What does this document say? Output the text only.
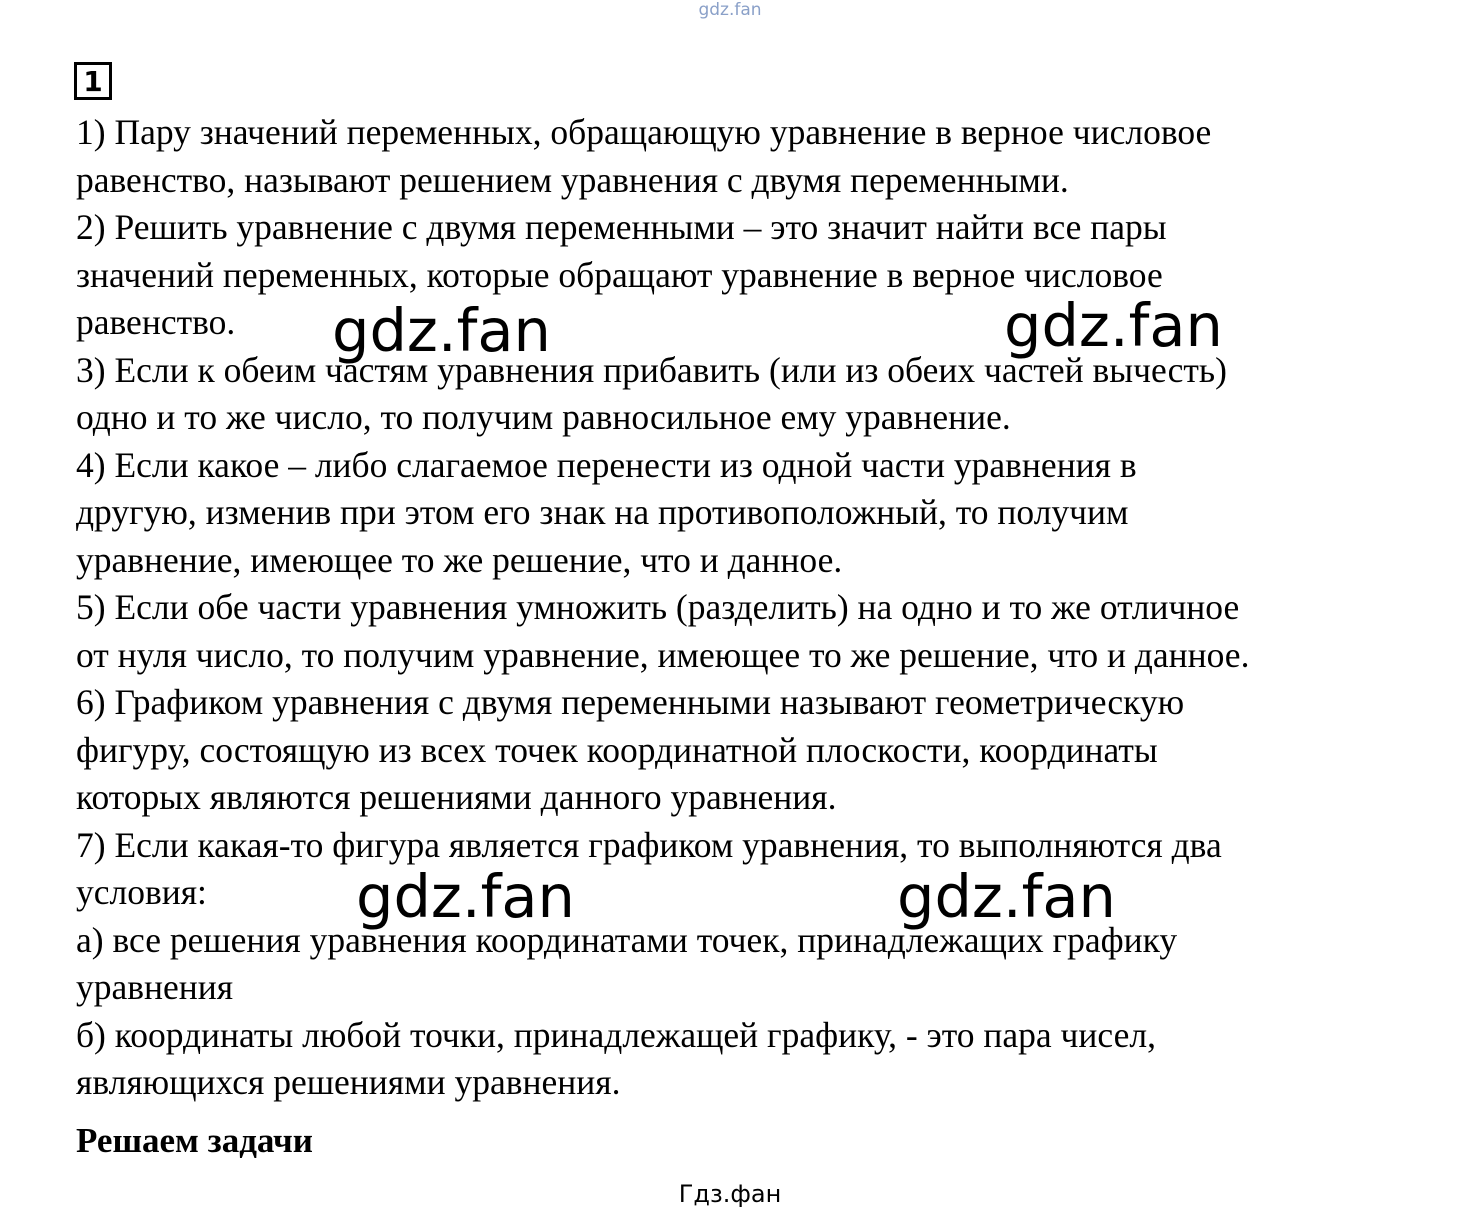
gdz.fan
1
1) Пару значений переменных, обращающую уравнение в верное числовое
равенство, называют решением уравнения с двумя переменными.
2) Решить уравнение с двумя переменными – это значит найти все пары
значений переменных, которые обращают уравнение в верное числовое
равенство.
3) Если к обеим частям уравнения прибавить (или из обеих частей вычесть)
одно и то же число, то получим равносильное ему уравнение.
4) Если какое – либо слагаемое перенести из одной части уравнения в
другую, изменив при этом его знак на противоположный, то получим
уравнение, имеющее то же решение, что и данное.
5) Если обе части уравнения умножить (разделить) на одно и то же отличное
от нуля число, то получим уравнение, имеющее то же решение, что и данное.
6) Графиком уравнения с двумя переменными называют геометрическую
фигуру, состоящую из всех точек координатной плоскости, координаты
которых являются решениями данного уравнения.
7) Если какая-то фигура является графиком уравнения, то выполняются два
условия:
а) все решения уравнения координатами точек, принадлежащих графику
уравнения
б) координаты любой точки, принадлежащей графику, - это пара чисел,
являющихся решениями уравнения.
Решаем задачи
gdz.fan	gdz.fan
gdz.fan	gdz.fan
Гдз.фан
